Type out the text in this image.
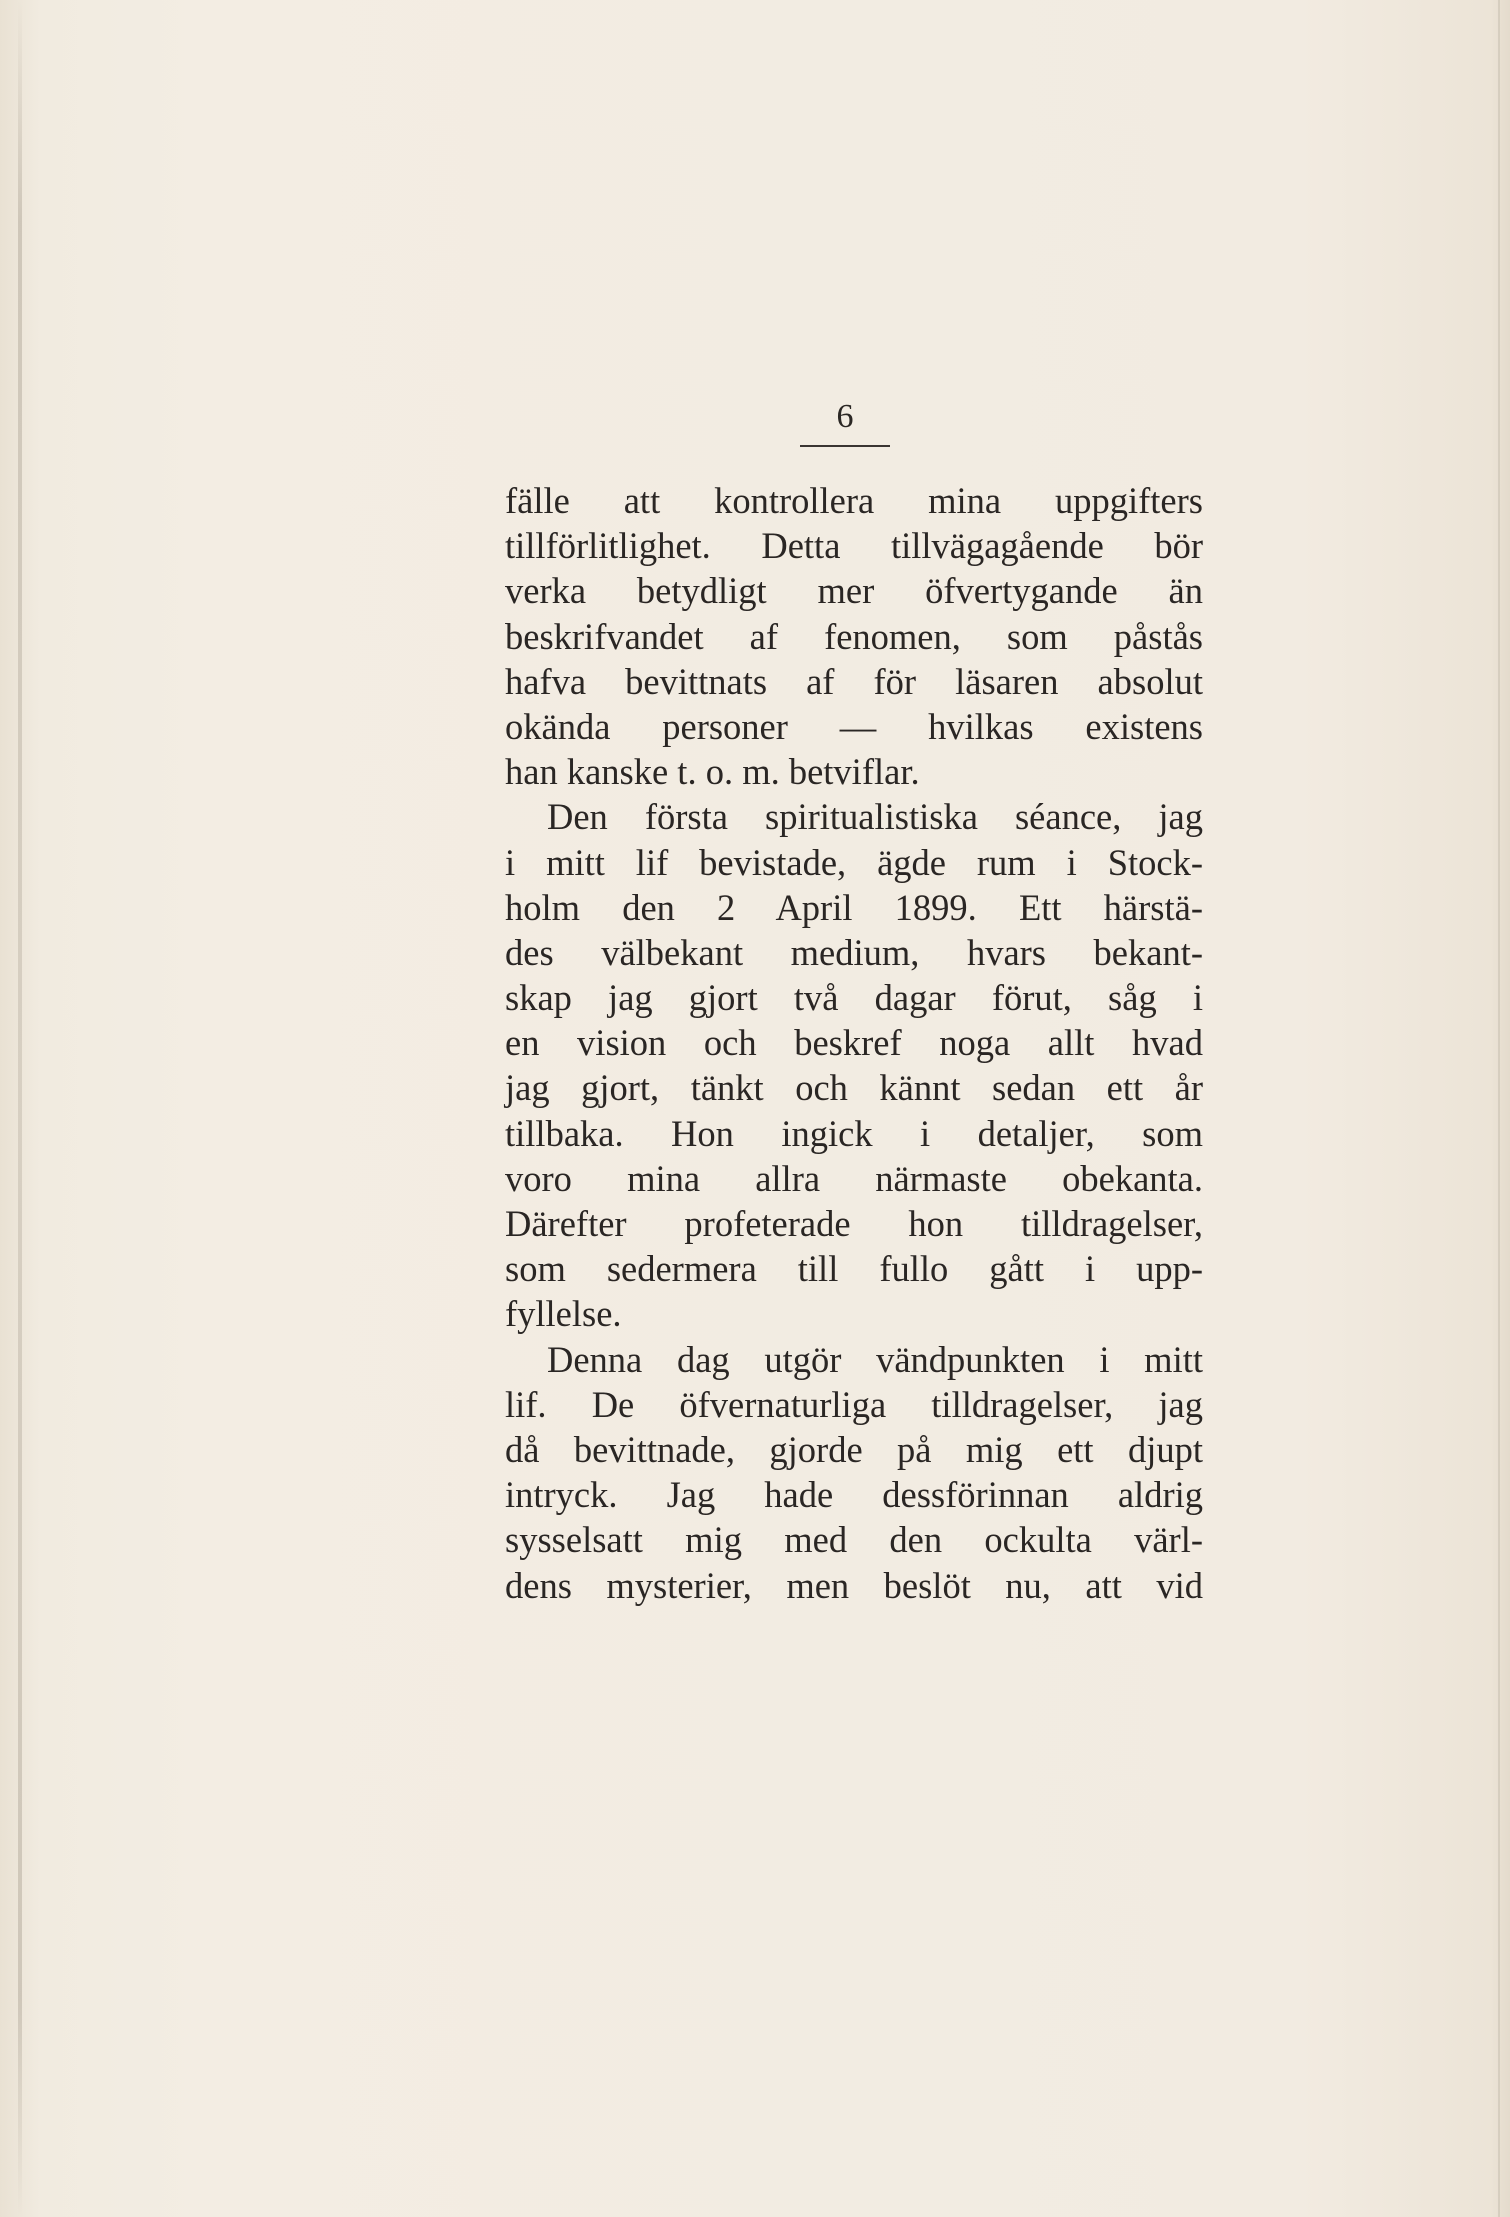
6
fälle att kontrollera mina uppgifters
tillförlitlighet. Detta tillvägagående bör
verka betydligt mer öfvertygande än
beskrifvandet af fenomen, som påstås
hafva bevittnats af för läsaren absolut
okända personer — hvilkas existens
han kanske t. o. m. betviflar.
Den första spiritualistiska séance, jag
i mitt lif bevistade, ägde rum i Stock-
holm den 2 April 1899. Ett härstä-
des välbekant medium, hvars bekant-
skap jag gjort två dagar förut, såg i
en vision och beskref noga allt hvad
jag gjort, tänkt och kännt sedan ett år
tillbaka. Hon ingick i detaljer, som
voro mina allra närmaste obekanta.
Därefter profeterade hon tilldragelser,
som sedermera till fullo gått i upp-
fyllelse.
Denna dag utgör vändpunkten i mitt
lif. De öfvernaturliga tilldragelser, jag
då bevittnade, gjorde på mig ett djupt
intryck. Jag hade dessförinnan aldrig
sysselsatt mig med den ockulta värl-
dens mysterier, men beslöt nu, att vid
